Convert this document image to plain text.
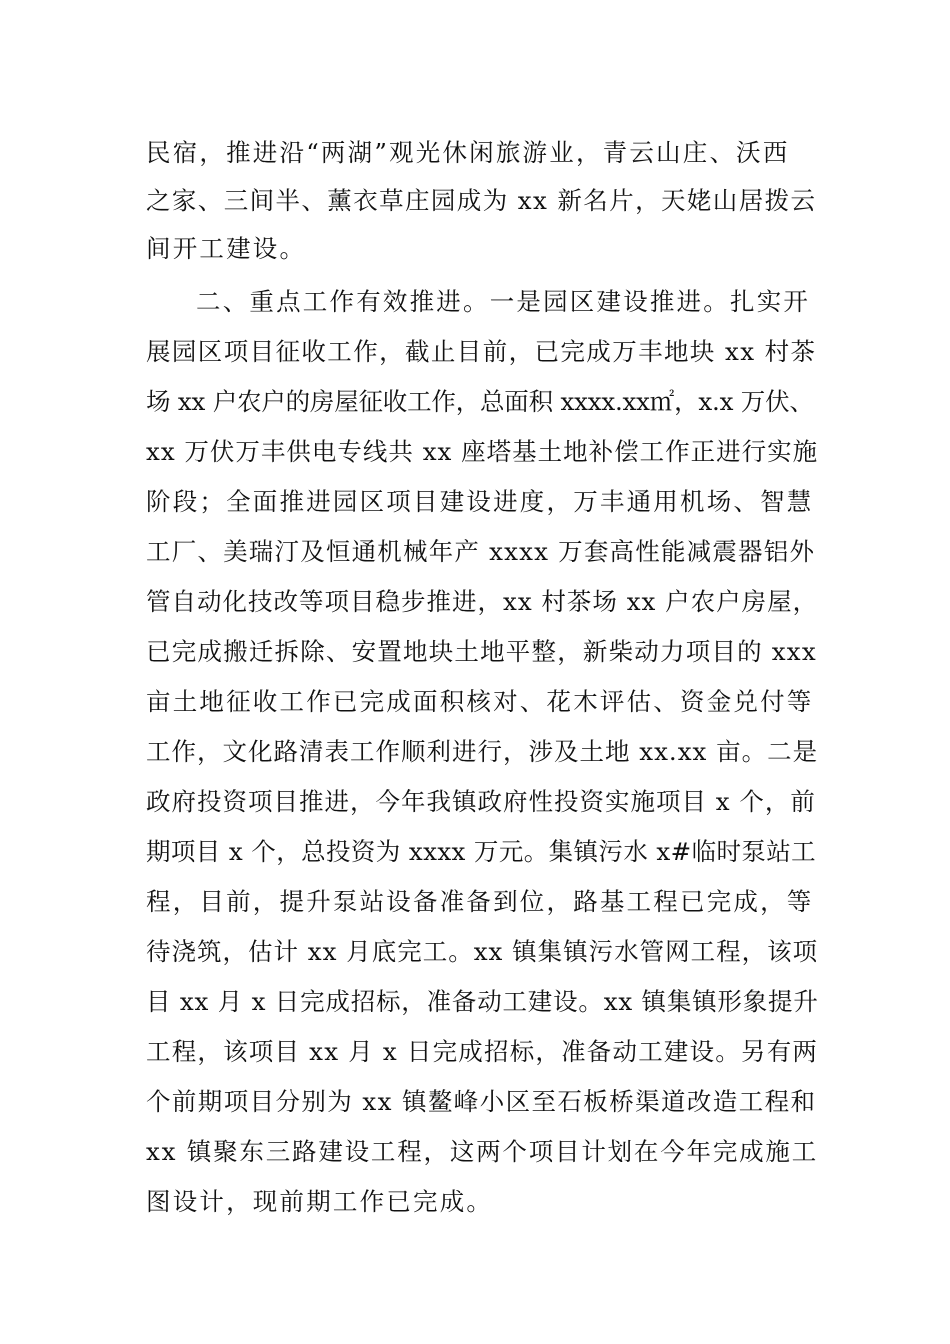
民宿，推进沿“两湖”观光休闲旅游业，青云山庄、沃西
之家、三间半、薰衣草庄园成为 xx 新名片，天姥山居拨云
间开工建设。
二、重点工作有效推进。一是园区建设推进。扎实开
展园区项目征收工作，截止目前，已完成万丰地块 xx 村茶
场 xx 户农户的房屋征收工作，总面积 xxxx.xx㎡，x.x 万伏、
xx 万伏万丰供电专线共 xx 座塔基土地补偿工作正进行实施
阶段；全面推进园区项目建设进度，万丰通用机场、智慧
工厂、美瑞汀及恒通机械年产 xxxx 万套高性能减震器铝外
管自动化技改等项目稳步推进，xx 村茶场 xx 户农户房屋，
已完成搬迁拆除、安置地块土地平整，新柴动力项目的 xxx
亩土地征收工作已完成面积核对、花木评估、资金兑付等
工作，文化路清表工作顺利进行，涉及土地 xx.xx 亩。二是
政府投资项目推进，今年我镇政府性投资实施项目 x 个，前
期项目 x 个，总投资为 xxxx 万元。集镇污水 x#临时泵站工
程，目前，提升泵站设备准备到位，路基工程已完成，等
待浇筑，估计 xx 月底完工。xx 镇集镇污水管网工程，该项
目 xx 月 x 日完成招标，准备动工建设。xx 镇集镇形象提升
工程，该项目 xx 月 x 日完成招标，准备动工建设。另有两
个前期项目分别为 xx 镇鳌峰小区至石板桥渠道改造工程和
xx 镇聚东三路建设工程，这两个项目计划在今年完成施工
图设计，现前期工作已完成。
